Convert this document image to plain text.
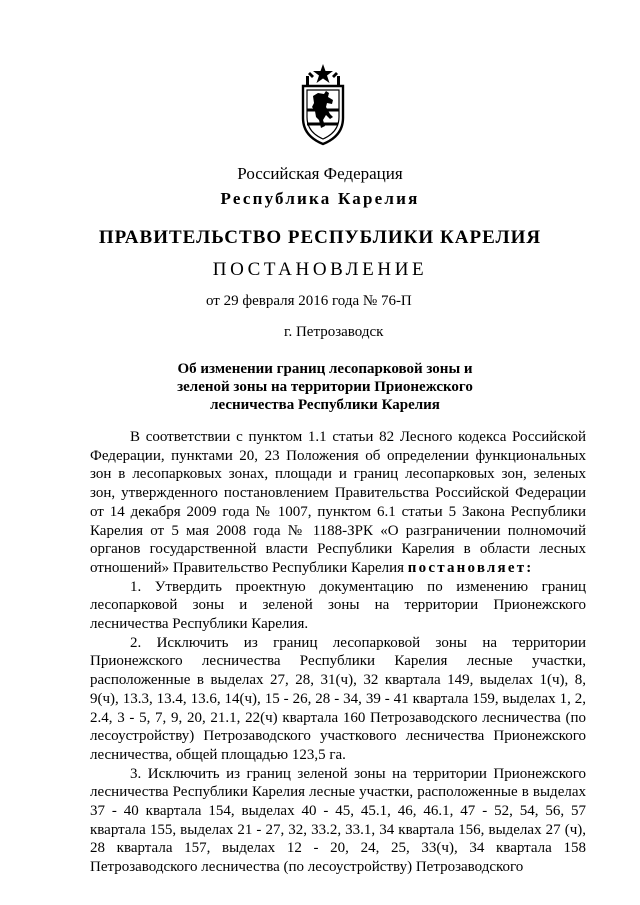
Российская Федерация
Республика Карелия
ПРАВИТЕЛЬСТВО РЕСПУБЛИКИ КАРЕЛИЯ
ПОСТАНОВЛЕНИЕ
от 29 февраля 2016 года № 76-П
г. Петрозаводск
Об изменении границ лесопарковой зоны и зеленой зоны на территории Прионежского лесничества Республики Карелия

В соответствии с пунктом 1.1 статьи 82 Лесного кодекса Российской Федерации, пунктами 20, 23 Положения об определении функциональных зон в лесопарковых зонах, площади и границ лесопарковых зон, зеленых зон, утвержденного постановлением Правительства Российской Федерации от 14 декабря 2009 года № 1007, пунктом 6.1 статьи 5 Закона Республики Карелия от 5 мая 2008 года № 1188-ЗРК «О разграничении полномочий органов государственной власти Республики Карелия в области лесных отношений» Правительство Республики Карелия постановляет:

1. Утвердить проектную документацию по изменению границ лесопарковой зоны и зеленой зоны на территории Прионежского лесничества Республики Карелия.

2. Исключить из границ лесопарковой зоны на территории Прионежского лесничества Республики Карелия лесные участки, расположенные в выделах 27, 28, 31(ч), 32 квартала 149, выделах 1(ч), 8, 9(ч), 13.3, 13.4, 13.6, 14(ч), 15 - 26, 28 - 34, 39 - 41 квартала 159, выделах 1, 2, 2.4, 3 - 5, 7, 9, 20, 21.1, 22(ч) квартала 160 Петрозаводского лесничества (по лесоустройству) Петрозаводского участкового лесничества Прионежского лесничества, общей площадью 123,5 га.

3. Исключить из границ зеленой зоны на территории Прионежского лесничества Республики Карелия лесные участки, расположенные в выделах 37 - 40 квартала 154, выделах 40 - 45, 45.1, 46, 46.1, 47 - 52, 54, 56, 57 квартала 155, выделах 21 - 27, 32, 33.2, 33.1, 34 квартала 156, выделах 27 (ч), 28 квартала 157, выделах 12 - 20, 24, 25, 33(ч), 34 квартала 158 Петрозаводского лесничества (по лесоустройству) Петрозаводского
